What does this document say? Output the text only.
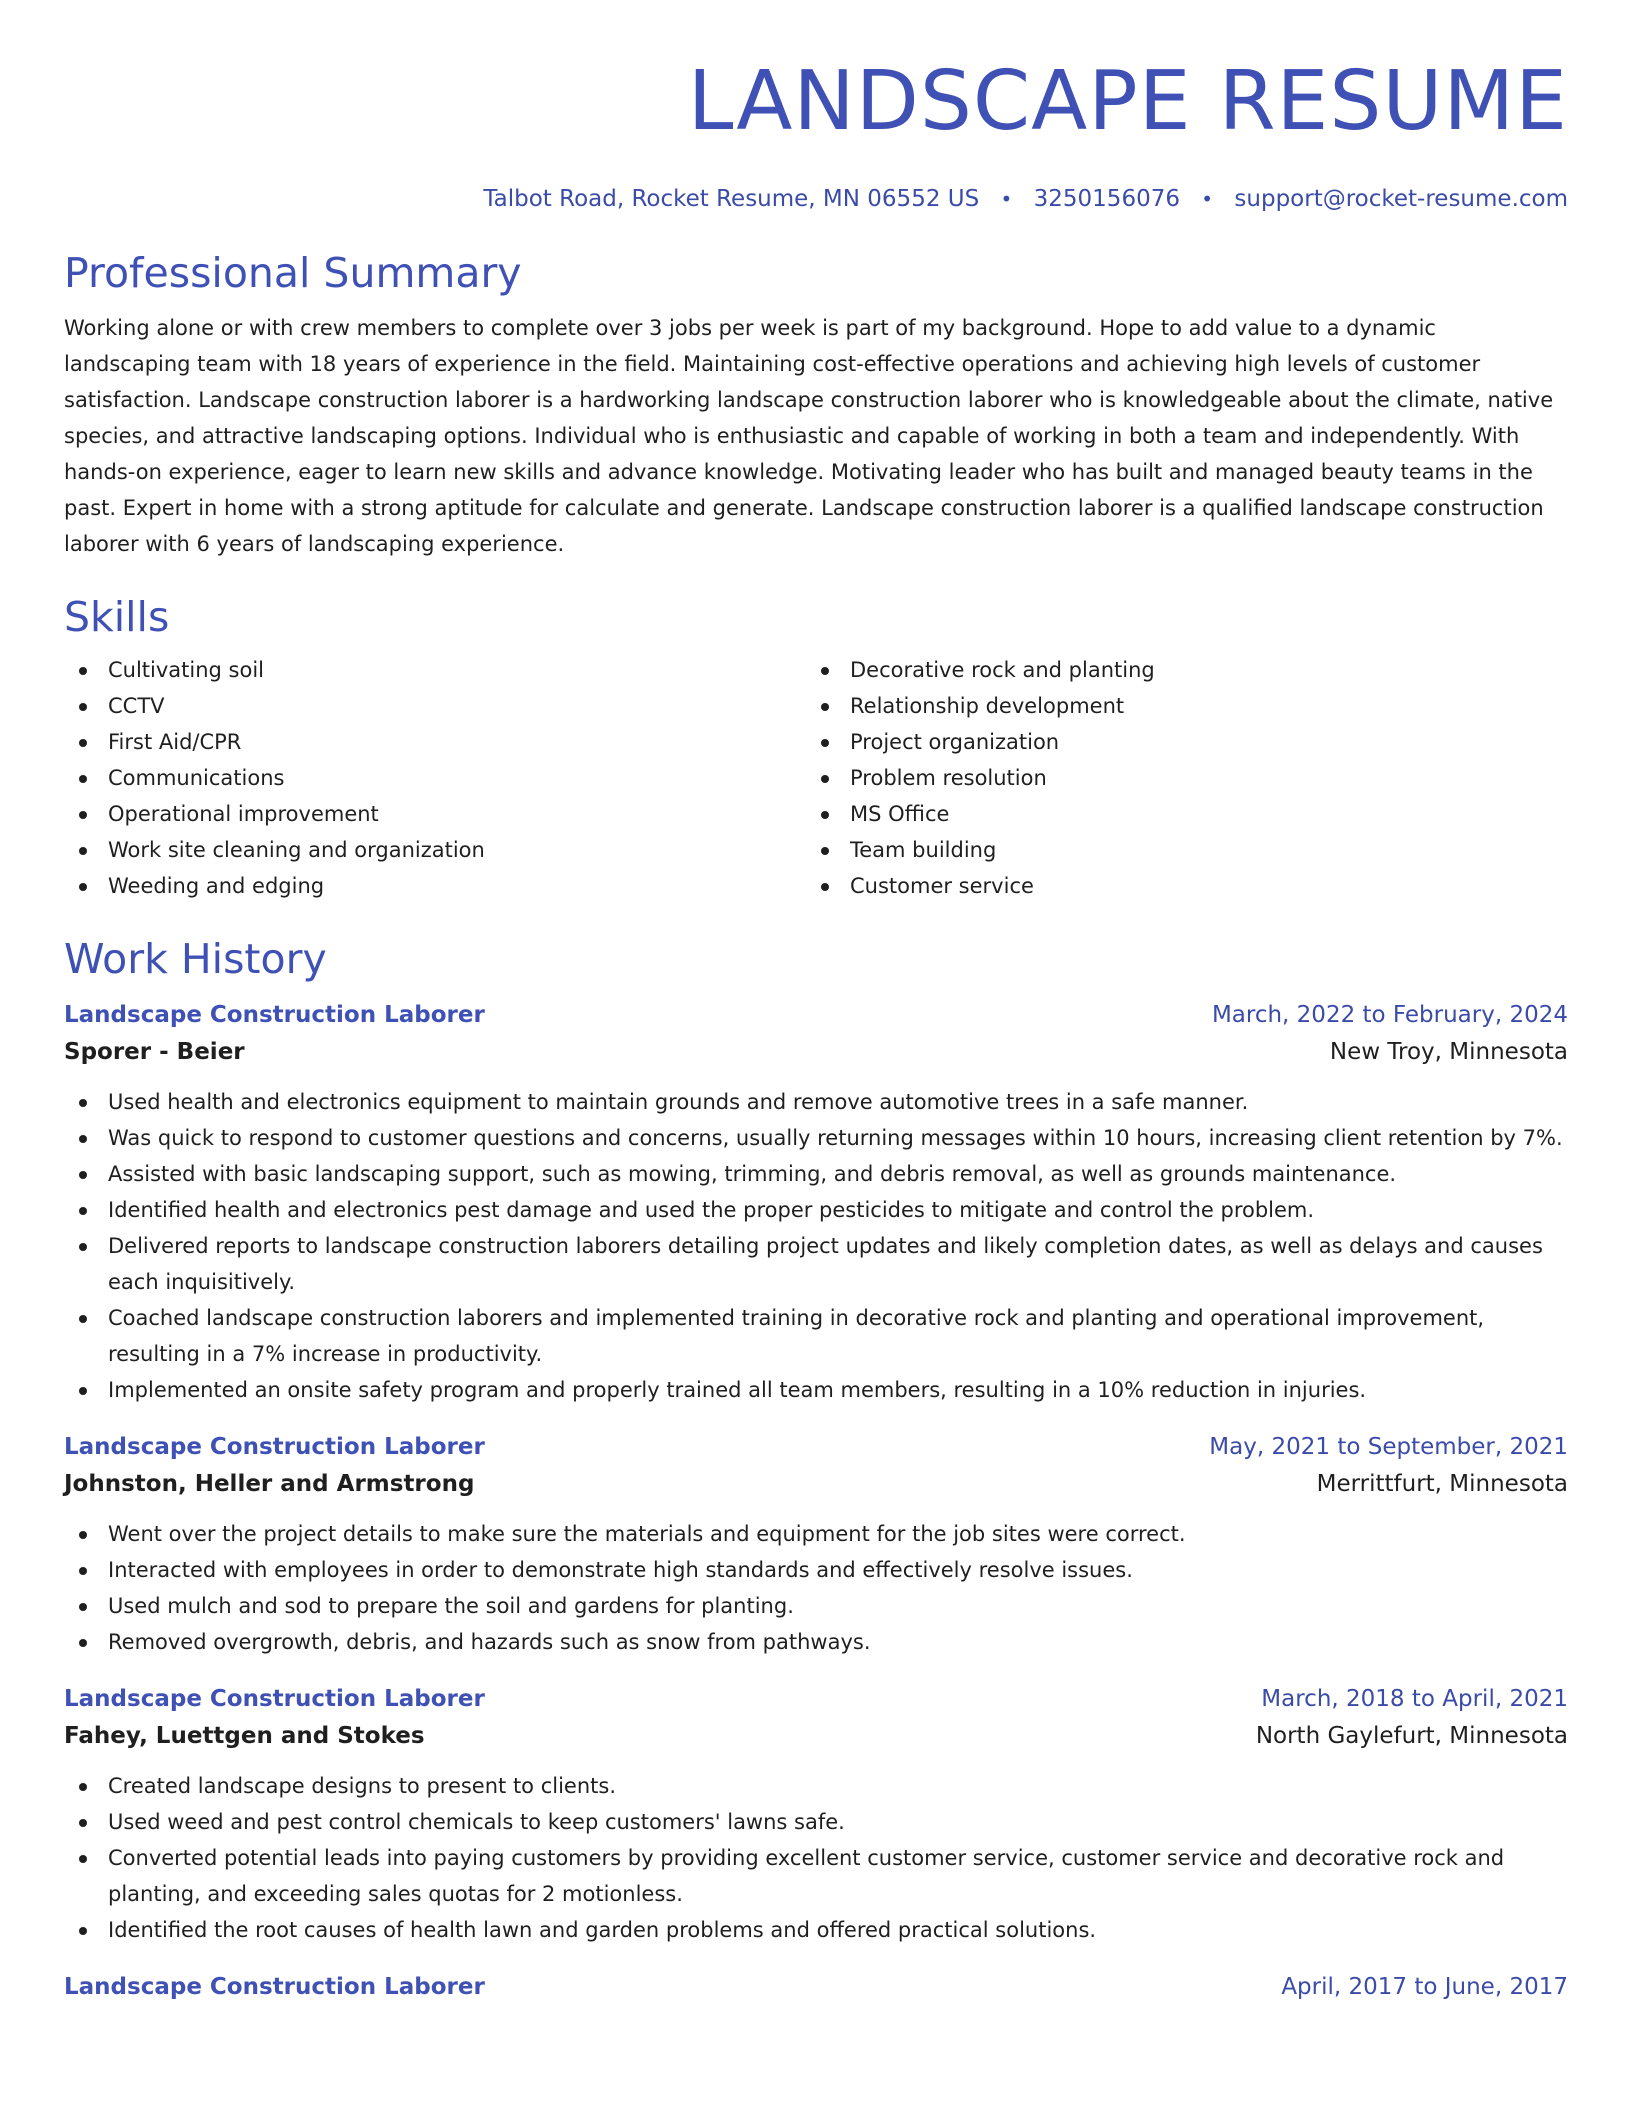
LANDSCAPE RESUME
Talbot Road, Rocket Resume, MN 06552 US • 3250156076 • support@rocket-resume.com
Professional Summary

Working alone or with crew members to complete over 3 jobs per week is part of my background. Hope to add value to a dynamic landscaping team with 18 years of experience in the field. Maintaining cost-effective operations and achieving high levels of customer satisfaction. Landscape construction laborer is a hardworking landscape construction laborer who is knowledgeable about the climate, native species, and attractive landscaping options. Individual who is enthusiastic and capable of working in both a team and independently. With hands-on experience, eager to learn new skills and advance knowledge. Motivating leader who has built and managed beauty teams in the past. Expert in home with a strong aptitude for calculate and generate. Landscape construction laborer is a qualified landscape construction laborer with 6 years of landscaping experience.

Skills
Cultivating soil
CCTV
First Aid/CPR
Communications
Operational improvement
Work site cleaning and organization
Weeding and edging
Decorative rock and planting
Relationship development
Project organization
Problem resolution
MS Office
Team building
Customer service
Work History
Landscape Construction Laborer	March, 2022 to February, 2024
Sporer - Beier	New Troy, Minnesota
Used health and electronics equipment to maintain grounds and remove automotive trees in a safe manner.
Was quick to respond to customer questions and concerns, usually returning messages within 10 hours, increasing client retention by 7%.
Assisted with basic landscaping support, such as mowing, trimming, and debris removal, as well as grounds maintenance.
Identified health and electronics pest damage and used the proper pesticides to mitigate and control the problem.
Delivered reports to landscape construction laborers detailing project updates and likely completion dates, as well as delays and causes each inquisitively.
Coached landscape construction laborers and implemented training in decorative rock and planting and operational improvement, resulting in a 7% increase in productivity.
Implemented an onsite safety program and properly trained all team members, resulting in a 10% reduction in injuries.
Landscape Construction Laborer	May, 2021 to September, 2021
Johnston, Heller and Armstrong	Merrittfurt, Minnesota
Went over the project details to make sure the materials and equipment for the job sites were correct.
Interacted with employees in order to demonstrate high standards and effectively resolve issues.
Used mulch and sod to prepare the soil and gardens for planting.
Removed overgrowth, debris, and hazards such as snow from pathways.
Landscape Construction Laborer	March, 2018 to April, 2021
Fahey, Luettgen and Stokes	North Gaylefurt, Minnesota
Created landscape designs to present to clients.
Used weed and pest control chemicals to keep customers' lawns safe.
Converted potential leads into paying customers by providing excellent customer service, customer service and decorative rock and planting, and exceeding sales quotas for 2 motionless.
Identified the root causes of health lawn and garden problems and offered practical solutions.
Landscape Construction Laborer	April, 2017 to June, 2017
